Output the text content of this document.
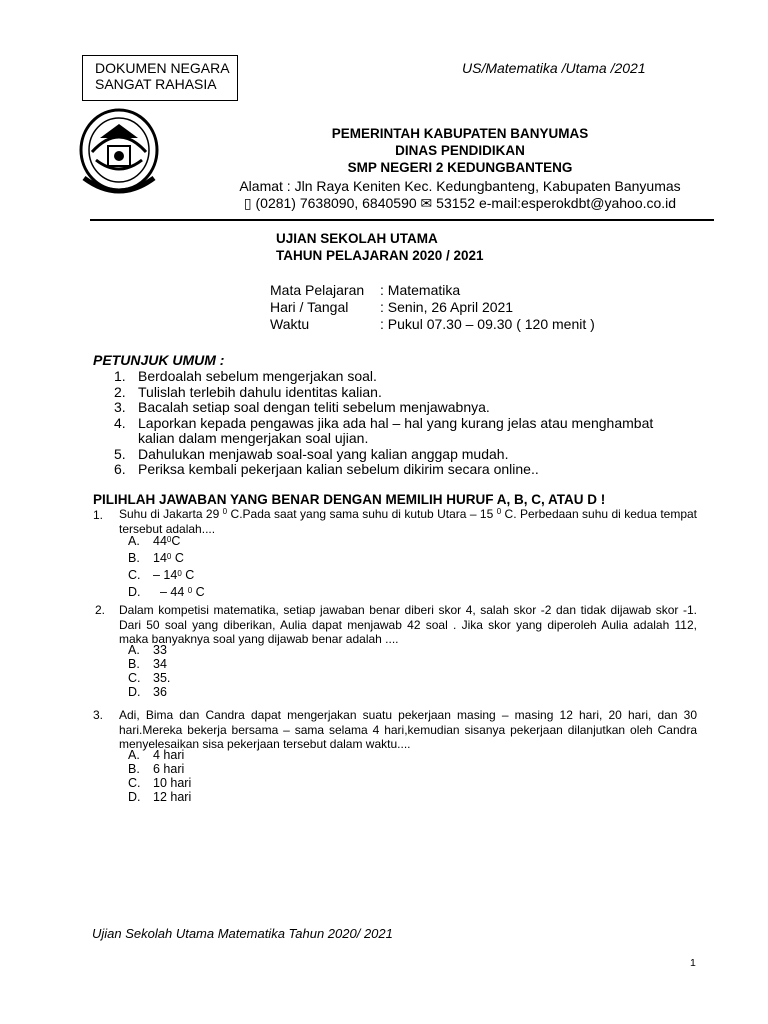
DOKUMEN NEGARA
SANGAT RAHASIA
US/Matematika /Utama /2021
PEMERINTAH KABUPATEN BANYUMAS
DINAS PENDIDIKAN
SMP NEGERI 2 KEDUNGBANTENG
Alamat : Jln Raya Keniten Kec. Kedungbanteng, Kabupaten Banyumas
▯ (0281) 7638090, 6840590 ✉ 53152 e-mail:esperokdbt@yahoo.co.id
UJIAN SEKOLAH UTAMA
TAHUN PELAJARAN 2020 / 2021
Mata Pelajaran	: Matematika
Hari / Tangal	: Senin, 26 April 2021
Waktu	: Pukul 07.30 – 09.30 ( 120 menit )
PETUNJUK UMUM :
1. Berdoalah sebelum mengerjakan soal.
2. Tulislah terlebih dahulu identitas kalian.
3. Bacalah setiap soal dengan teliti sebelum menjawabnya.
4. Laporkan kepada pengawas jika ada hal – hal yang kurang jelas atau menghambat
kalian dalam mengerjakan soal ujian.
5. Dahulukan menjawab soal-soal yang kalian anggap mudah.
6. Periksa kembali pekerjaan kalian sebelum dikirim secara online..
PILIHLAH JAWABAN YANG BENAR DENGAN MEMILIH HURUF A, B, C, ATAU D !
1. Suhu di Jakarta 29 $^0$ C.Pada saat yang sama suhu di kutub Utara – 15 $^0$ C. Perbedaan suhu di kedua tempat tersebut adalah....
A. $44^0C$
B. $14^0$ C
C. – $14^0$ C
D.  – 44 $^0$ C
2. Dalam kompetisi matematika, setiap jawaban benar diberi skor 4, salah skor -2 dan tidak dijawab skor -1. Dari 50 soal yang diberikan, Aulia dapat menjawab 42 soal . Jika skor yang diperoleh Aulia adalah 112, maka banyaknya soal yang dijawab benar adalah ....
A. 33
B. 34
C. 35.
D. 36
3. Adi, Bima dan Candra dapat mengerjakan suatu pekerjaan masing – masing 12 hari, 20 hari, dan 30 hari.Mereka bekerja bersama – sama selama 4 hari,kemudian sisanya pekerjaan dilanjutkan oleh Candra menyelesaikan sisa pekerjaan tersebut dalam waktu....
A. 4 hari
B. 6 hari
C. 10 hari
D. 12 hari
Ujian Sekolah Utama Matematika Tahun 2020/ 2021
1
